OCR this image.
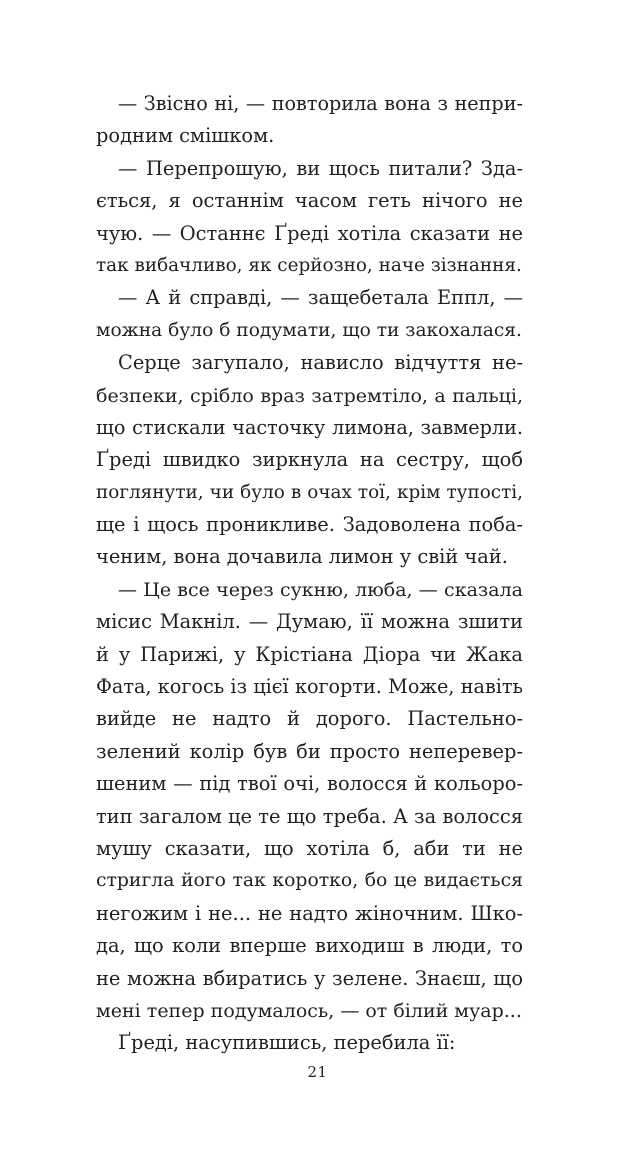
— Звісно ні, — повторила вона з непри-
родним смішком.
— Перепрошую, ви щось питали? Зда-
ється, я останнім часом геть нічого не
чую. — Останнє Ґреді хотіла сказати не
так вибачливо, як серйозно, наче зізнання.
— А й справді, — защебетала Еппл, —
можна було б подумати, що ти закохалася.
Серце загупало, нависло відчуття не-
безпеки, срібло враз затремтіло, а пальці,
що стискали часточку лимона, завмерли.
Ґреді швидко зиркнула на сестру, щоб
поглянути, чи було в очах тої, крім тупості,
ще і щось проникливе. Задоволена поба-
ченим, вона дочавила лимон у свій чай.
— Це все через сукню, люба, — сказала
місис Макніл. — Думаю, її можна зшити
й у Парижі, у Крістіана Діора чи Жака
Фата, когось із цієї когорти. Може, навіть
вийде не надто й дорого. Пастельно-
зелений колір був би просто неперевер-
шеним — під твої очі, волосся й кольоро-
тип загалом це те що треба. А за волосся
мушу сказати, що хотіла б, аби ти не
стригла його так коротко, бо це видається
негожим і не... не надто жіночним. Шко-
да, що коли вперше виходиш в люди, то
не можна вбиратись у зелене. Знаєш, що
мені тепер подумалось, — от білий муар...
Ґреді, насупившись, перебила її:
21
